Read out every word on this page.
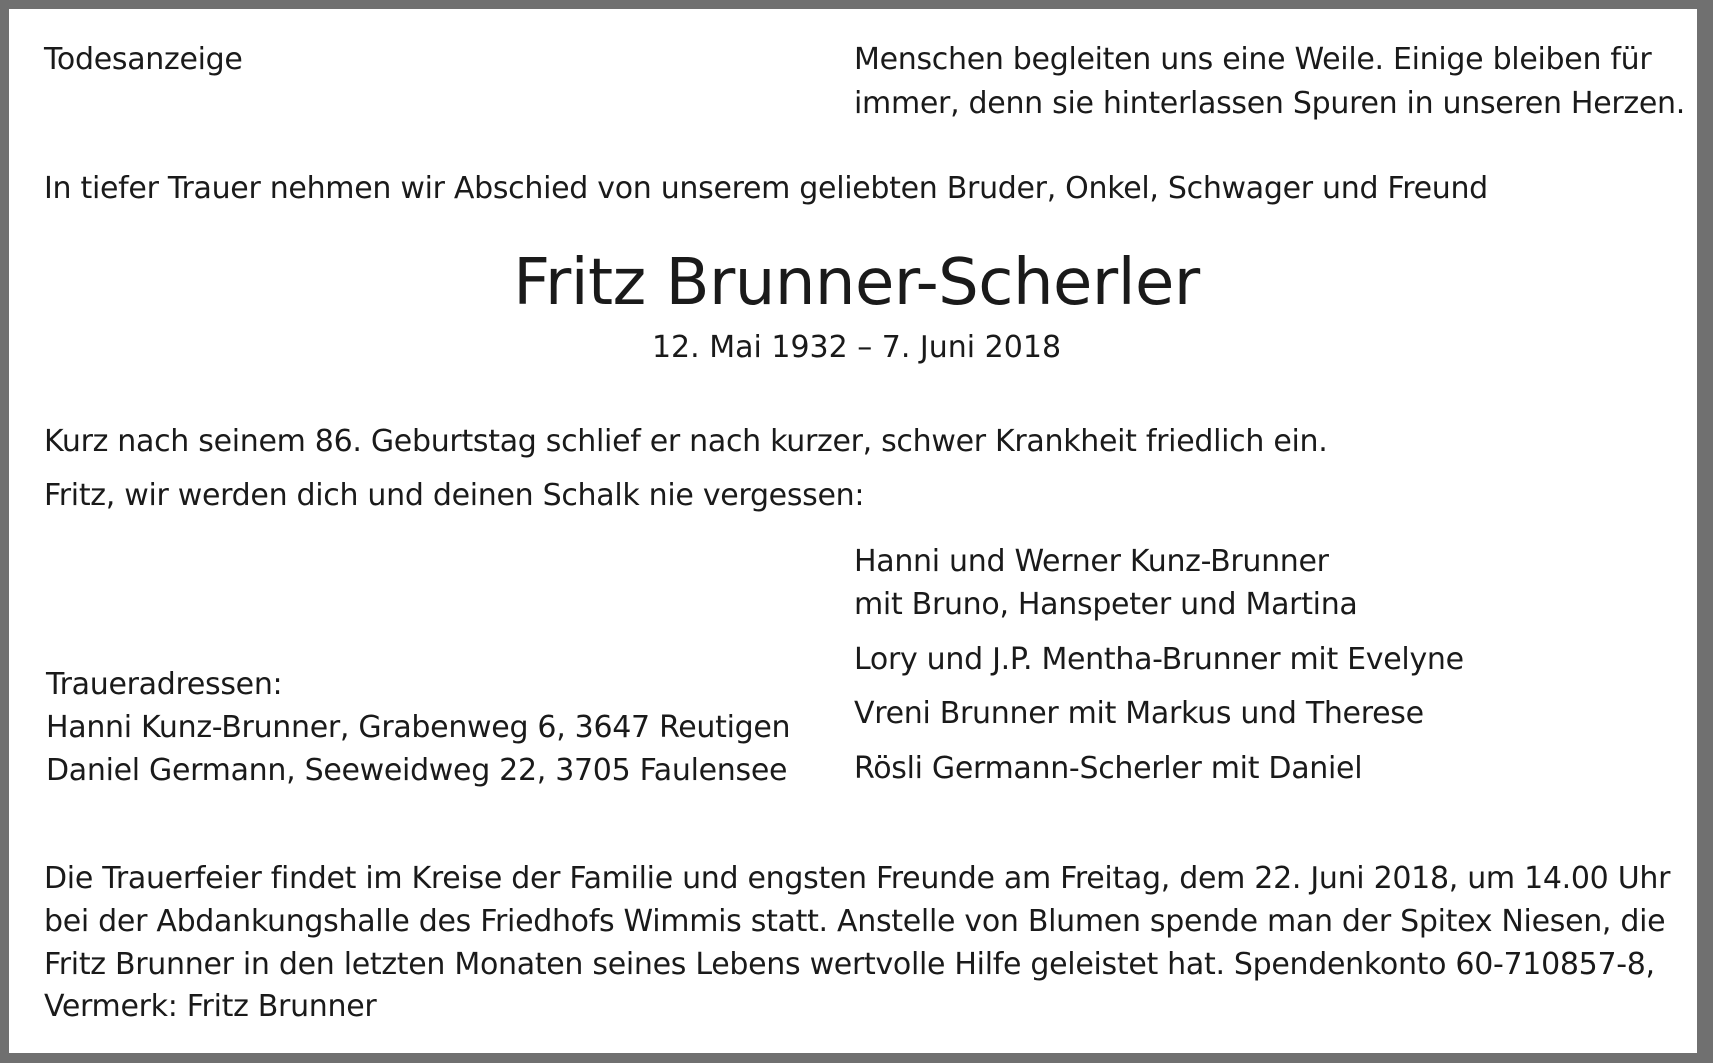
Todesanzeige	Menschen begleiten uns eine Weile. Einige bleiben für
immer, denn sie hinterlassen Spuren in unseren Herzen.
In tiefer Trauer nehmen wir Abschied von unserem geliebten Bruder, Onkel, Schwager und Freund
Fritz Brunner-Scherler
12. Mai 1932 – 7. Juni 2018
Kurz nach seinem 86. Geburtstag schlief er nach kurzer, schwer Krankheit friedlich ein.
Fritz, wir werden dich und deinen Schalk nie vergessen:
Hanni und Werner Kunz-Brunner
mit Bruno, Hanspeter und Martina
Lory und J.P. Mentha-Brunner mit Evelyne
Vreni Brunner mit Markus und Therese
Rösli Germann-Scherler mit Daniel
Traueradressen:
Hanni Kunz-Brunner, Grabenweg 6, 3647 Reutigen
Daniel Germann, Seeweidweg 22, 3705 Faulensee
Die Trauerfeier findet im Kreise der Familie und engsten Freunde am Freitag, dem 22. Juni 2018, um 14.00 Uhr
bei der Abdankungshalle des Friedhofs Wimmis statt. Anstelle von Blumen spende man der Spitex Niesen, die
Fritz Brunner in den letzten Monaten seines Lebens wertvolle Hilfe geleistet hat. Spendenkonto 60-710857-8,
Vermerk: Fritz Brunner
